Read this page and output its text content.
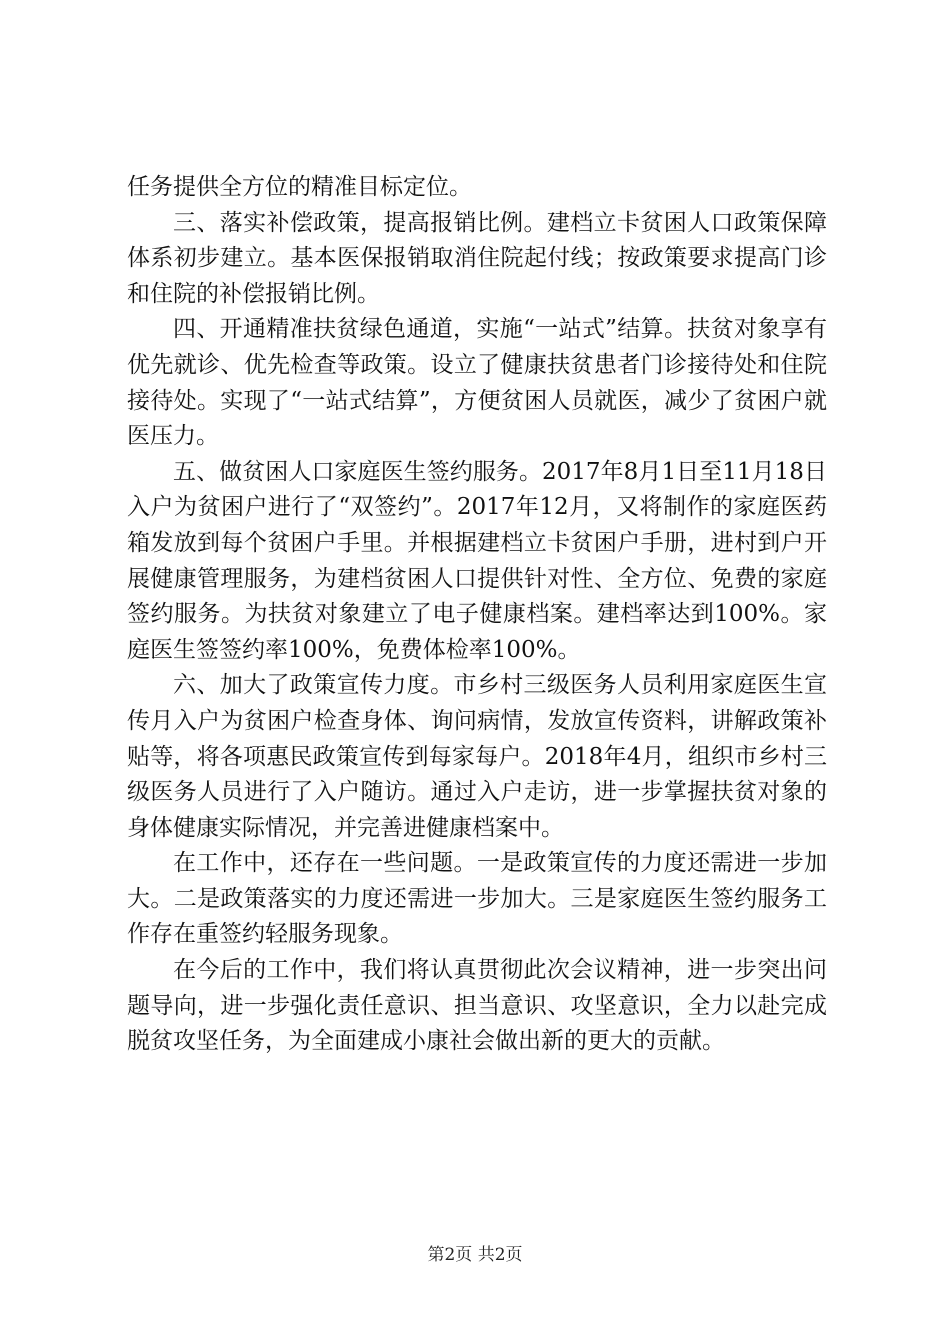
任务提供全方位的精准目标定位。

三、落实补偿政策，提高报销比例。建档立卡贫困人口政策保障体系初步建立。基本医保报销取消住院起付线；按政策要求提高门诊和住院的补偿报销比例。

四、开通精准扶贫绿色通道，实施“一站式”结算。扶贫对象享有优先就诊、优先检查等政策。设立了健康扶贫患者门诊接待处和住院接待处。实现了“一站式结算”，方便贫困人员就医，减少了贫困户就医压力。

五、做贫困人口家庭医生签约服务。2017年8月1日至11月18日入户为贫困户进行了“双签约”。2017年12月，又将制作的家庭医药箱发放到每个贫困户手里。并根据建档立卡贫困户手册，进村到户开展健康管理服务，为建档贫困人口提供针对性、全方位、免费的家庭签约服务。为扶贫对象建立了电子健康档案。建档率达到100%。家庭医生签签约率100%，免费体检率100%。

六、加大了政策宣传力度。市乡村三级医务人员利用家庭医生宣传月入户为贫困户检查身体、询问病情，发放宣传资料，讲解政策补贴等，将各项惠民政策宣传到每家每户。2018年4月，组织市乡村三级医务人员进行了入户随访。通过入户走访，进一步掌握扶贫对象的身体健康实际情况，并完善进健康档案中。

在工作中，还存在一些问题。一是政策宣传的力度还需进一步加大。二是政策落实的力度还需进一步加大。三是家庭医生签约服务工作存在重签约轻服务现象。

在今后的工作中，我们将认真贯彻此次会议精神，进一步突出问题导向，进一步强化责任意识、担当意识、攻坚意识，全力以赴完成脱贫攻坚任务，为全面建成小康社会做出新的更大的贡献。

第2页 共2页
